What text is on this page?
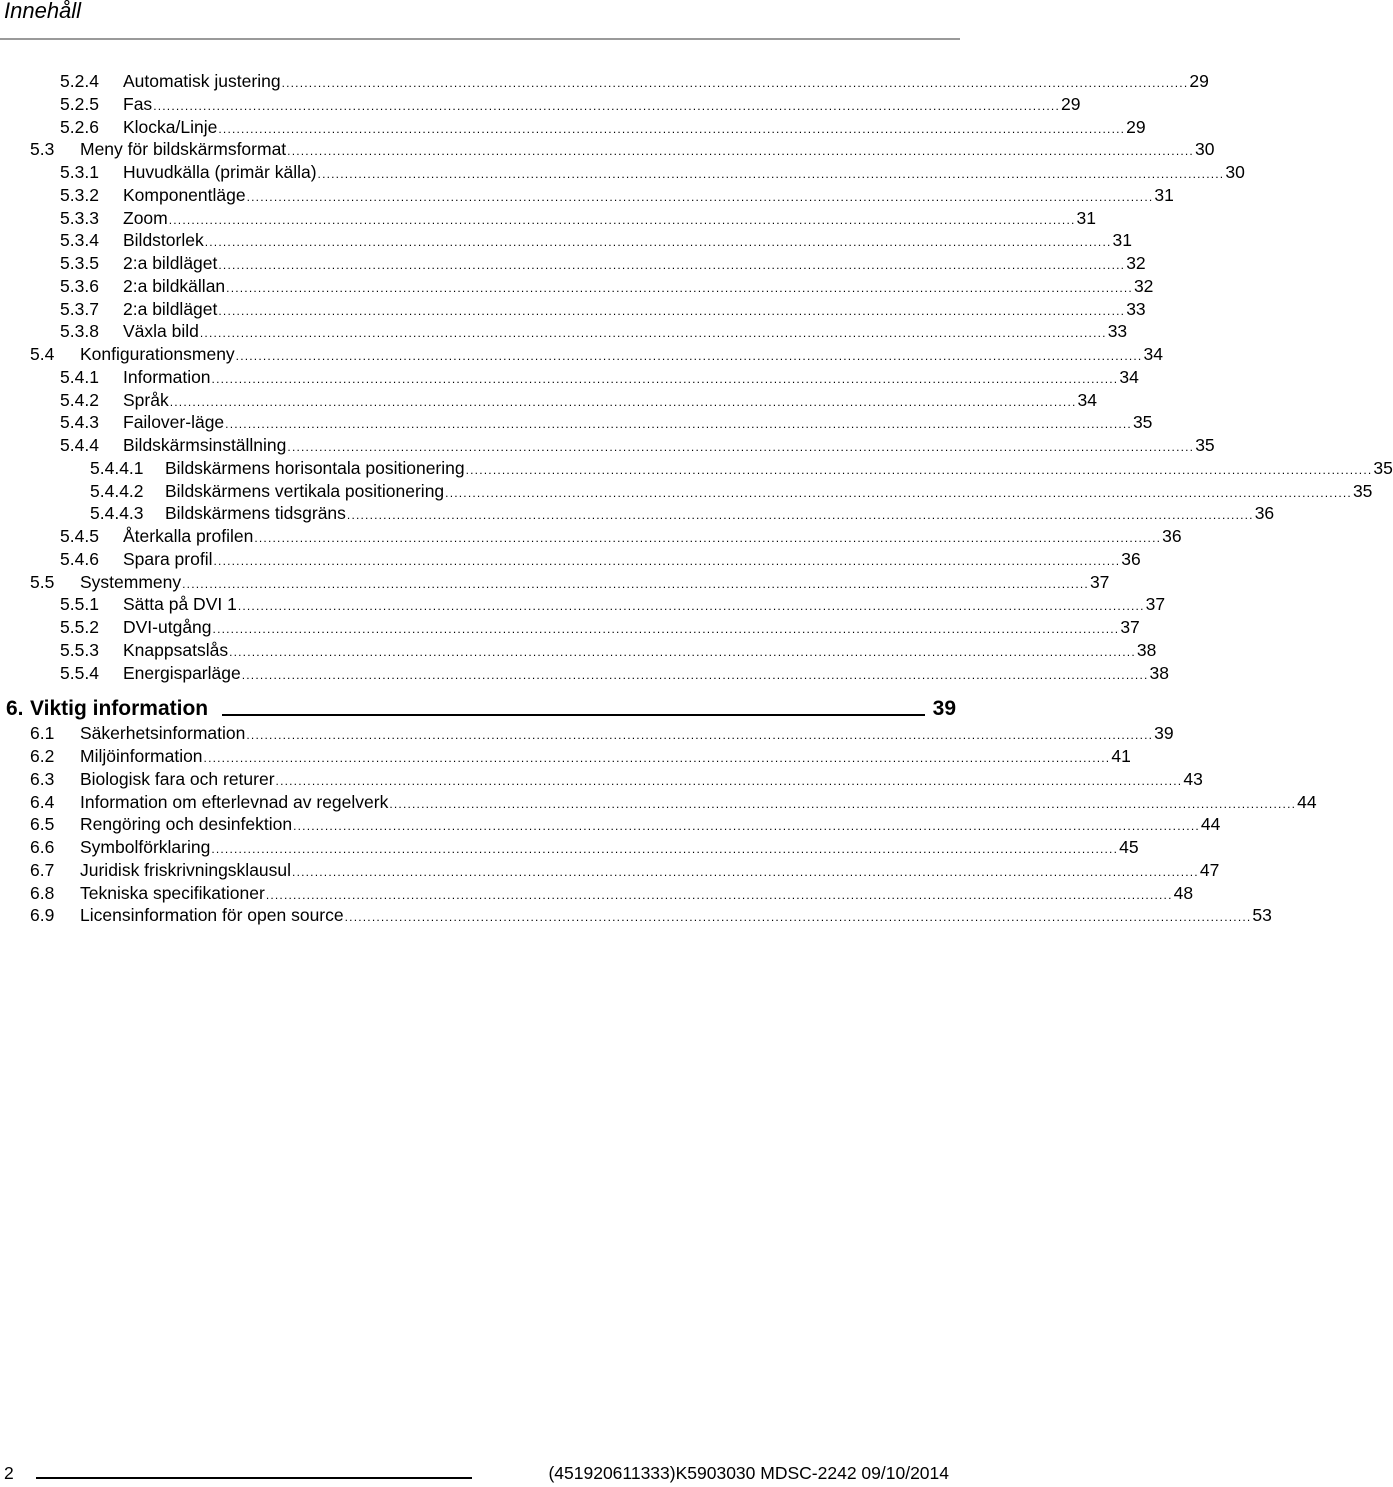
Innehåll
5.2.4	Automatisk justering ........................................................................................................................................................................................................ 29
5.2.5	Fas ........................................................................................................................................................................................................ 29
5.2.6	Klocka/Linje ........................................................................................................................................................................................................ 29
5.3	Meny för bildskärmsformat ........................................................................................................................................................................................................ 30
5.3.1	Huvudkälla (primär källa) ........................................................................................................................................................................................................ 30
5.3.2	Komponentläge ........................................................................................................................................................................................................ 31
5.3.3	Zoom ........................................................................................................................................................................................................ 31
5.3.4	Bildstorlek ........................................................................................................................................................................................................ 31
5.3.5	2:a bildläget ........................................................................................................................................................................................................ 32
5.3.6	2:a bildkällan ........................................................................................................................................................................................................ 32
5.3.7	2:a bildläget ........................................................................................................................................................................................................ 33
5.3.8	Växla bild ........................................................................................................................................................................................................ 33
5.4	Konfigurationsmeny ........................................................................................................................................................................................................ 34
5.4.1	Information ........................................................................................................................................................................................................ 34
5.4.2	Språk ........................................................................................................................................................................................................ 34
5.4.3	Failover-läge ........................................................................................................................................................................................................ 35
5.4.4	Bildskärmsinställning ........................................................................................................................................................................................................ 35
5.4.4.1	Bildskärmens horisontala positionering ........................................................................................................................................................................................................ 35
5.4.4.2	Bildskärmens vertikala positionering ........................................................................................................................................................................................................ 35
5.4.4.3	Bildskärmens tidsgräns ........................................................................................................................................................................................................ 36
5.4.5	Återkalla profilen ........................................................................................................................................................................................................ 36
5.4.6	Spara profil ........................................................................................................................................................................................................ 36
5.5	Systemmeny ........................................................................................................................................................................................................ 37
5.5.1	Sätta på DVI 1 ........................................................................................................................................................................................................ 37
5.5.2	DVI-utgång ........................................................................................................................................................................................................ 37
5.5.3	Knappsatslås ........................................................................................................................................................................................................ 38
5.5.4	Energisparläge ........................................................................................................................................................................................................ 38
6. Viktig information	39
6.1	Säkerhetsinformation ........................................................................................................................................................................................................ 39
6.2	Miljöinformation ........................................................................................................................................................................................................ 41
6.3	Biologisk fara och returer ........................................................................................................................................................................................................ 43
6.4	Information om efterlevnad av regelverk ........................................................................................................................................................................................................ 44
6.5	Rengöring och desinfektion ........................................................................................................................................................................................................ 44
6.6	Symbolförklaring ........................................................................................................................................................................................................ 45
6.7	Juridisk friskrivningsklausul ........................................................................................................................................................................................................ 47
6.8	Tekniska specifikationer ........................................................................................................................................................................................................ 48
6.9	Licensinformation för open source ........................................................................................................................................................................................................ 53
2	(451920611333)K5903030 MDSC-2242 09/10/2014
